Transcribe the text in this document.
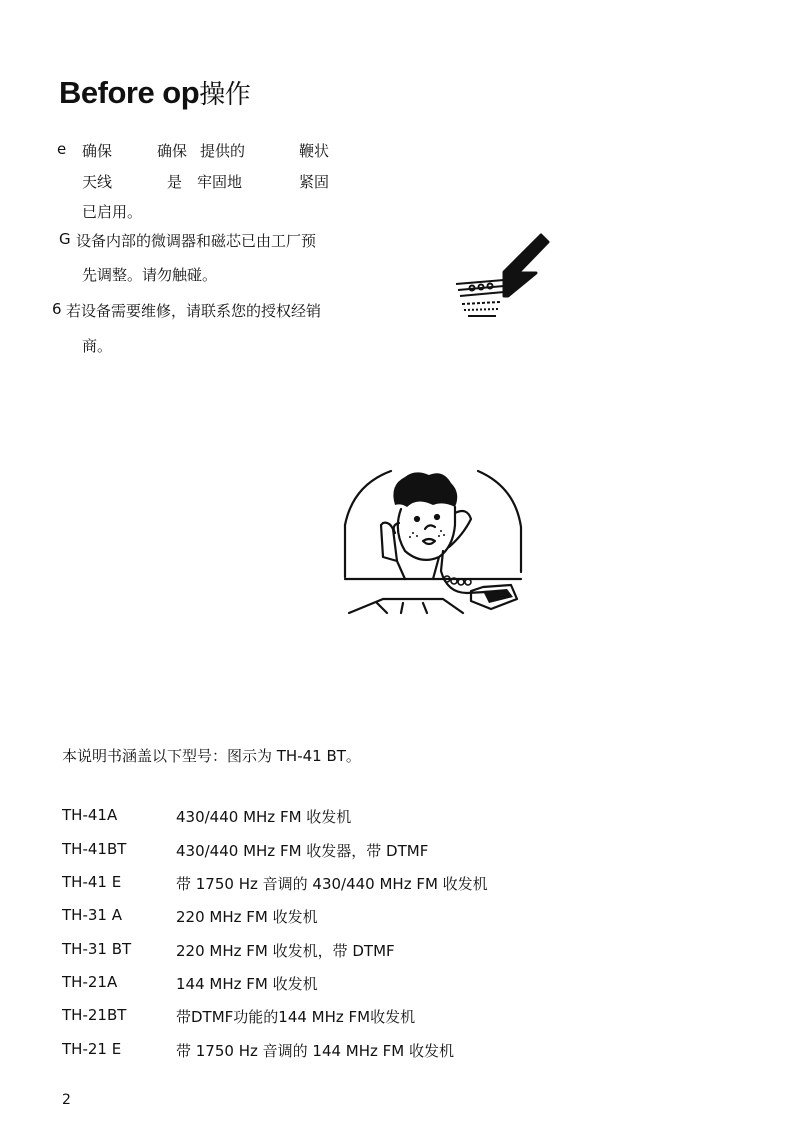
Before op操作
e 确保	确保 提供的	鞭状
天线	是 牢固地	紧固
已启用。
G 设备内部的微调器和磁芯已由工厂预
先调整。请勿触碰。
6 若设备需要维修，请联系您的授权经销
商。
本说明书涵盖以下型号：图示为 TH-41 BT。
TH-41A	430/440 MHz FM 收发机
TH-41BT	430/440 MHz FM 收发器，带 DTMF
TH-41 E	带 1750 Hz 音调的 430/440 MHz FM 收发机
TH-31 A	220 MHz FM 收发机
TH-31 BT	220 MHz FM 收发机，带 DTMF
TH-21A	144 MHz FM 收发机
TH-21BT	带DTMF功能的144 MHz FM收发机
TH-21 E	带 1750 Hz 音调的 144 MHz FM 收发机
2
